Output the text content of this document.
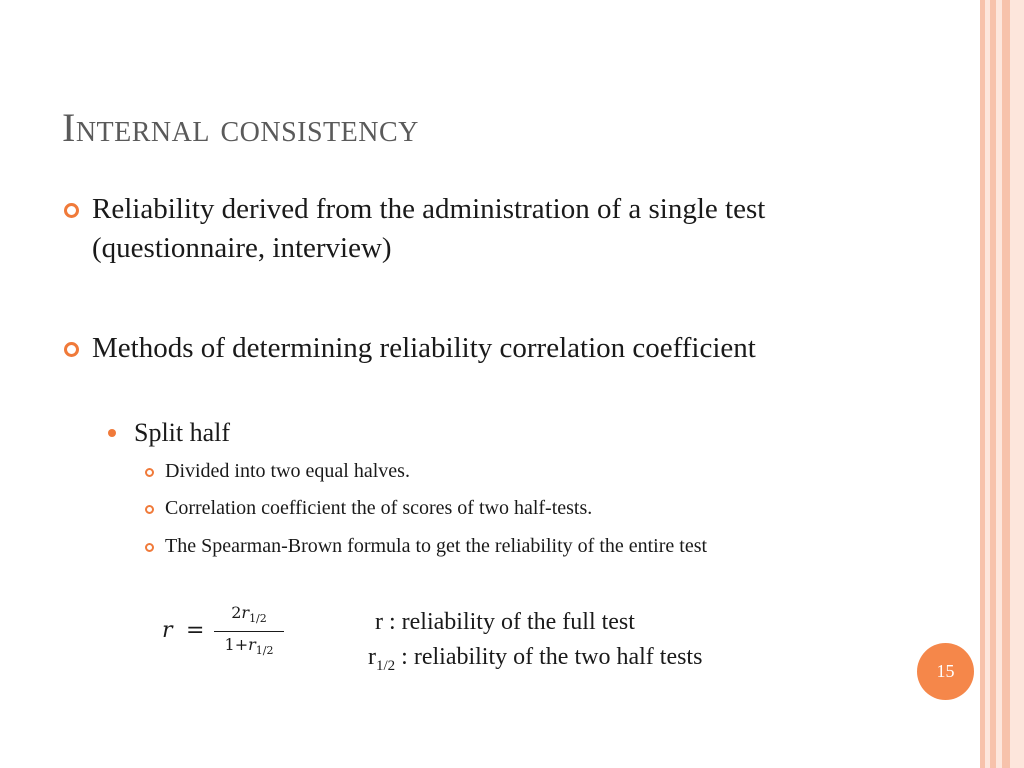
Internal consistency
Reliability derived from the administration of a single test (questionnaire, interview)
Methods of determining reliability correlation coefficient
Split half
Divided into two equal halves.
Correlation coefficient the of scores of two half-tests.
The Spearman-Brown formula to get the reliability of the entire test
r =
$2r_{1/2}$
$1+r_{1/2}$
r : reliability of the full test
$r_{1/2}$ : reliability of the two half tests
15
